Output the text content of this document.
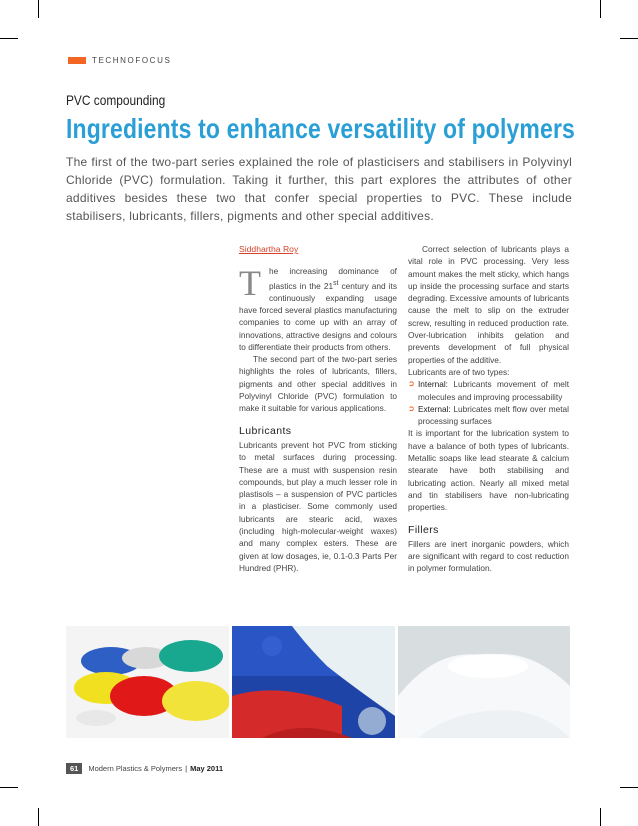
TECHNOFOCUS
PVC compounding
Ingredients to enhance versatility of polymers
The first of the two-part series explained the role of plasticisers and stabilisers in Polyvinyl Chloride (PVC) formulation. Taking it further, this part explores the attributes of other additives besides these two that confer special properties to PVC. These include stabilisers, lubricants, fillers, pigments and other special additives.
Siddhartha Roy

The increasing dominance of plastics in the 21st century and its continuously expanding usage have forced several plastics manufacturing companies to come up with an array of innovations, attractive designs and colours to differentiate their products from others.

The second part of the two-part series highlights the roles of lubricants, fillers, pigments and other special additives in Polyvinyl Chloride (PVC) formulation to make it suitable for various applications.

Lubricants

Lubricants prevent hot PVC from sticking to metal surfaces during processing. These are a must with suspension resin compounds, but play a much lesser role in plastisols – a suspension of PVC particles in a plasticiser. Some commonly used lubricants are stearic acid, waxes (including high-molecular-weight waxes) and many complex esters. These are given at low dosages, ie, 0.1-0.3 Parts Per Hundred (PHR).

Correct selection of lubricants plays a vital role in PVC processing. Very less amount makes the melt sticky, which hangs up inside the processing surface and starts degrading. Excessive amounts of lubricants cause the melt to slip on the extruder screw, resulting in reduced production rate. Over-lubrication inhibits gelation and prevents development of full physical properties of the additive.

Lubricants are of two types:

➲ Internal: Lubricants movement of melt molecules and improving processability
➲ External: Lubricates melt flow over metal processing surfaces

It is important for the lubrication system to have a balance of both types of lubricants. Metallic soaps like lead stearate & calcium stearate have both stabilising and lubricating action. Nearly all mixed metal and tin stabilisers have non-lubricating properties.

Fillers

Fillers are inert inorganic powders, which are significant with regard to cost reduction in polymer formulation.

61	Modern Plastics & Polymers | May 2011
